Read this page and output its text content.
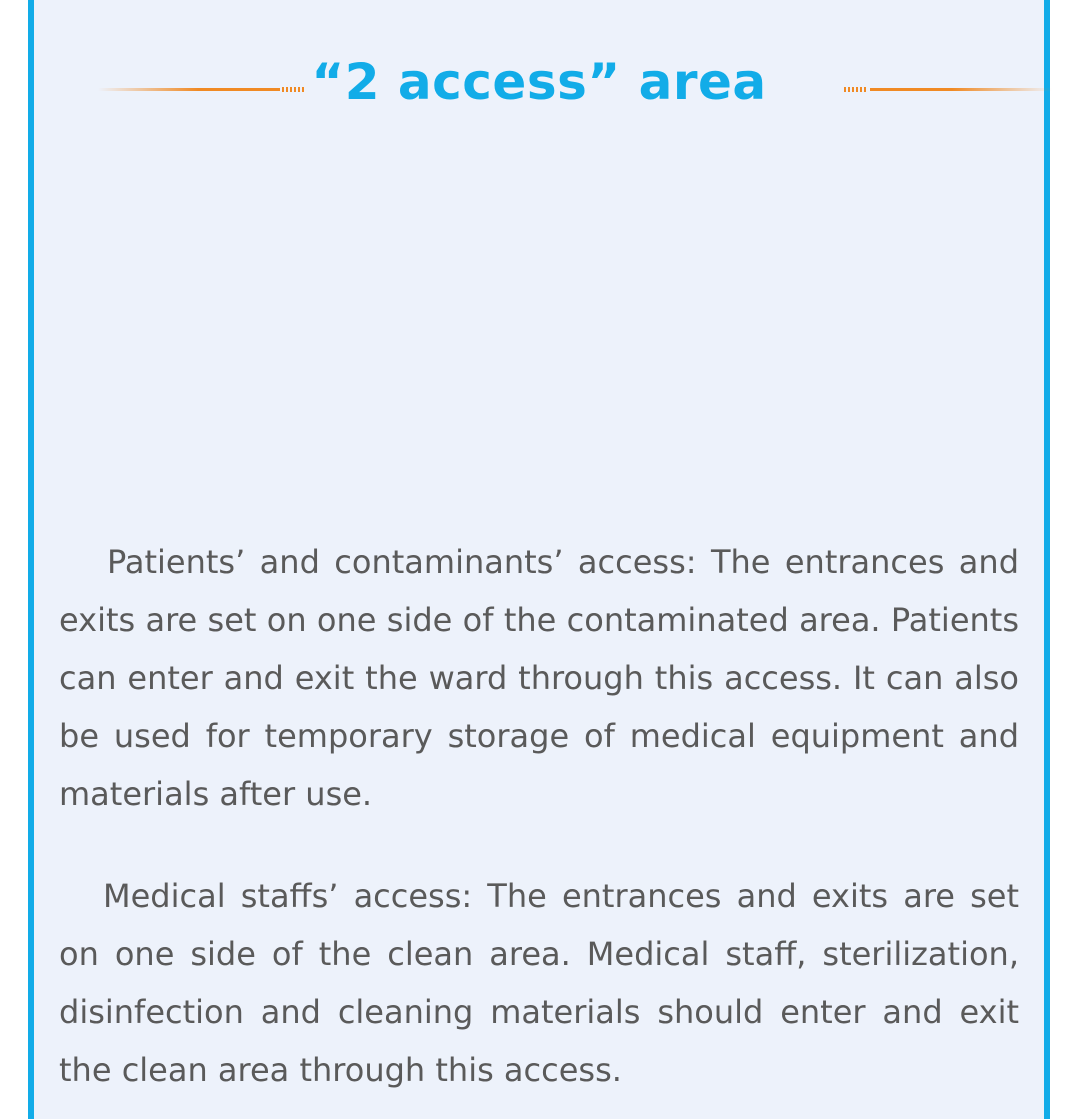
“2 access” area

Patients’ and contaminants’ access: The entrances and exits are set on one side of the contaminated area. Patients can enter and exit the ward through this access. It can also be used for temporary storage of medical equipment and materials after use.

Medical staffs’ access: The entrances and exits are set on one side of the clean area. Medical staff, sterilization, disinfection and cleaning materials should enter and exit the clean area through this access.
